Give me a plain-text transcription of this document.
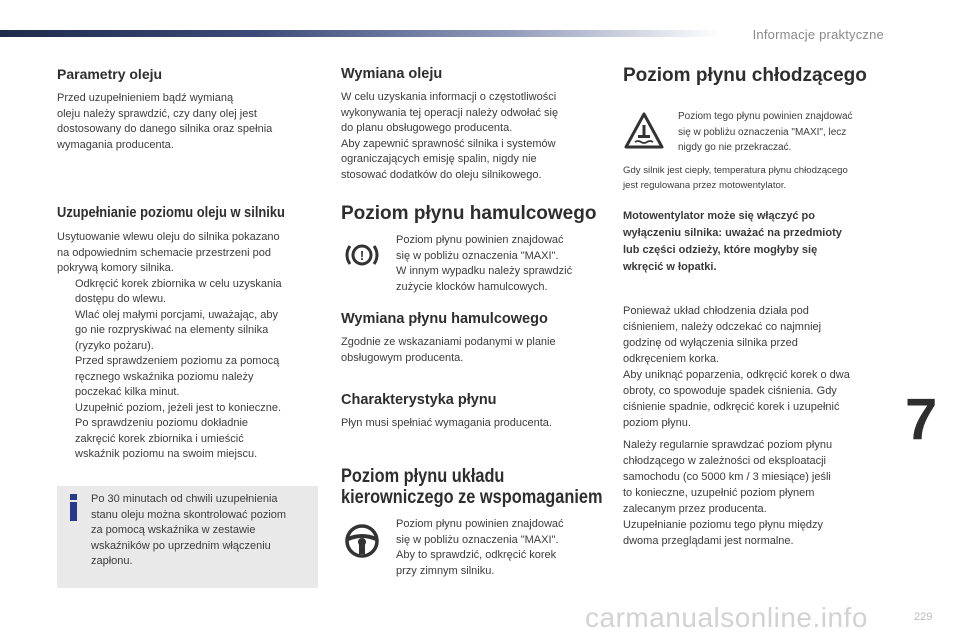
Informacje praktyczne
7
Parametry oleju

Przed uzupełnieniem bądź wymianą

oleju należy sprawdzić, czy dany olej jest

dostosowany do danego silnika oraz spełnia

wymagania producenta.

Uzupełnianie poziomu oleju w silniku

Usytuowanie wlewu oleju do silnika pokazano

na odpowiednim schemacie przestrzeni pod

pokrywą komory silnika.

Odkręcić korek zbiornika w celu uzyskania
dostępu do wlewu.
Wlać olej małymi porcjami, uważając, aby
go nie rozpryskiwać na elementy silnika
(ryzyko pożaru).
Przed sprawdzeniem poziomu za pomocą
ręcznego wskaźnika poziomu należy
poczekać kilka minut.
Uzupełnić poziom, jeżeli jest to konieczne.
Po sprawdzeniu poziomu dokładnie
zakręcić korek zbiornika i umieścić
wskaźnik poziomu na swoim miejscu.

Po 30 minutach od chwili uzupełnienia

stanu oleju można skontrolować poziom

za pomocą wskaźnika w zestawie

wskaźników po uprzednim włączeniu

zapłonu.

Wymiana oleju

W celu uzyskania informacji o częstotliwości

wykonywania tej operacji należy odwołać się

do planu obsługowego producenta.

Aby zapewnić sprawność silnika i systemów

ograniczających emisję spalin, nigdy nie

stosować dodatków do oleju silnikowego.

Poziom płynu hamulcowego
!

Poziom płynu powinien znajdować

się w pobliżu oznaczenia "MAXI".

W innym wypadku należy sprawdzić

zużycie klocków hamulcowych.

Wymiana płynu hamulcowego

Zgodnie ze wskazaniami podanymi w planie

obsługowym producenta.

Charakterystyka płynu

Płyn musi spełniać wymagania producenta.

Poziom płynu układu
kierowniczego ze wspomaganiem

Poziom płynu powinien znajdować

się w pobliżu oznaczenia "MAXI".

Aby to sprawdzić, odkręcić korek

przy zimnym silniku.

Poziom płynu chłodzącego

Poziom tego płynu powinien znajdować

się w pobliżu oznaczenia "MAXI", lecz

nigdy go nie przekraczać.

Gdy silnik jest ciepły, temperatura płynu chłodzącego

jest regulowana przez motowentylator.

Motowentylator może się włączyć po

wyłączeniu silnika: uważać na przedmioty

lub części odzieży, które mogłyby się

wkręcić w łopatki.

Ponieważ układ chłodzenia działa pod

ciśnieniem, należy odczekać co najmniej

godzinę od wyłączenia silnika przed

odkręceniem korka.

Aby uniknąć poparzenia, odkręcić korek o dwa

obroty, co spowoduje spadek ciśnienia. Gdy

ciśnienie spadnie, odkręcić korek i uzupełnić

poziom płynu.

Należy regularnie sprawdzać poziom płynu

chłodzącego w zależności od eksploatacji

samochodu (co 5000 km / 3 miesiące) jeśli

to konieczne, uzupełnić poziom płynem

zalecanym przez producenta.

Uzupełnianie poziomu tego płynu między

dwoma przeglądami jest normalne.

carmanualsonline.info	229
